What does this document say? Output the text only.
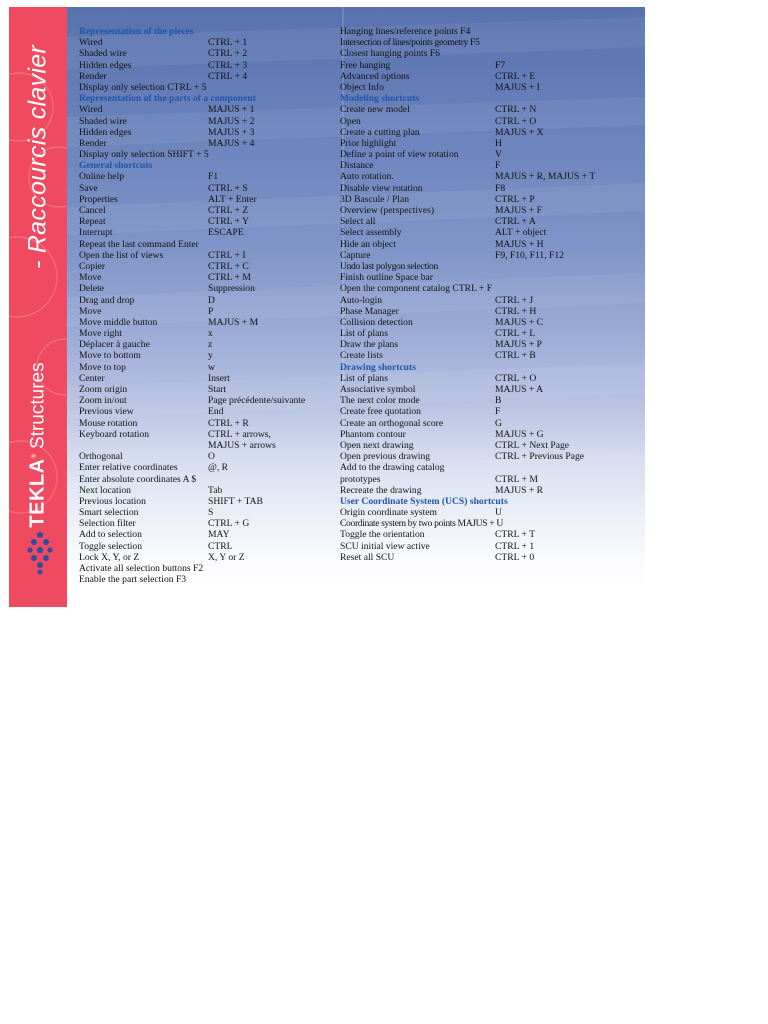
- Raccourcis clavier
TEKLA®Structures
Representation of the pieces
Wired	CTRL + 1
Shaded wire	CTRL + 2
Hidden edges	CTRL + 3
Render	CTRL + 4
Display only selection CTRL + 5
Representation of the parts of a component
Wired	MAJUS + 1
Shaded wire	MAJUS + 2
Hidden edges	MAJUS + 3
Render	MAJUS + 4
Display only selection SHIFT + 5
General shortcuts
Online help	F1
Save	CTRL + S
Properties	ALT + Enter
Cancel	CTRL + Z
Repeat	CTRL + Y
Interrupt	ESCAPE
Repeat the last command Enter
Open the list of views	CTRL + I
Copier	CTRL + C
Move	CTRL + M
Delete	Suppression
Drag and drop	D
Move	P
Move middle button	MAJUS + M
Move right	x
Déplacer à gauche	z
Move to bottom	y
Move to top	w
Center	Insert
Zoom origin	Start
Zoom in/out	Page précédente/suivante
Previous view	End
Mouse rotation	CTRL + R
Keyboard rotation	CTRL + arrows,
MAJUS + arrows
Orthogonal	O
Enter relative coordinates	@, R
Enter absolute coordinates A $
Next location	Tab
Previous location	SHIFT + TAB
Smart selection	S
Selection filter	CTRL + G
Add to selection	MAY
Toggle selection	CTRL
Lock X, Y, or Z	X, Y or Z
Activate all selection buttons F2
Enable the part selection F3
Hanging lines/reference points F4
Intersection of lines/points geometry F5
Closest hanging points F6
Free hanging	F7
Advanced options	CTRL + E
Object Info	MAJUS + I
Modeling shortcuts
Create new model	CTRL + N
Open	CTRL + O
Create a cutting plan	MAJUS + X
Prior highlight	H
Define a point of view rotation	V
Distance	F
Auto rotation.	MAJUS + R, MAJUS + T
Disable view rotation	F8
3D Bascule / Plan	CTRL + P
Overview (perspectives)	MAJUS + F
Select all	CTRL + A
Select assembly	ALT + object
Hide an object	MAJUS + H
Capture	F9, F10, F11, F12
Undo last polygon selection
Finish outline Space bar
Open the component catalog CTRL + F
Auto-login	CTRL + J
Phase Manager	CTRL + H
Collision detection	MAJUS + C
List of plans	CTRL + L
Draw the plans	MAJUS + P
Create lists	CTRL + B
Drawing shortcuts
List of plans	CTRL + O
Associative symbol	MAJUS + A
The next color mode	B
Create free quotation	F
Create an orthogonal score	G
Phantom contour	MAJUS + G
Open next drawing	CTRL + Next Page
Open previous drawing	CTRL + Previous Page
Add to the drawing catalog
prototypes	CTRL + M
Recreate the drawing	MAJUS + R
User Coordinate System (UCS) shortcuts
Origin coordinate system	U
Coordinate system by two points MAJUS + U
Toggle the orientation	CTRL + T
SCU initial view active	CTRL + 1
Reset all SCU	CTRL + 0
